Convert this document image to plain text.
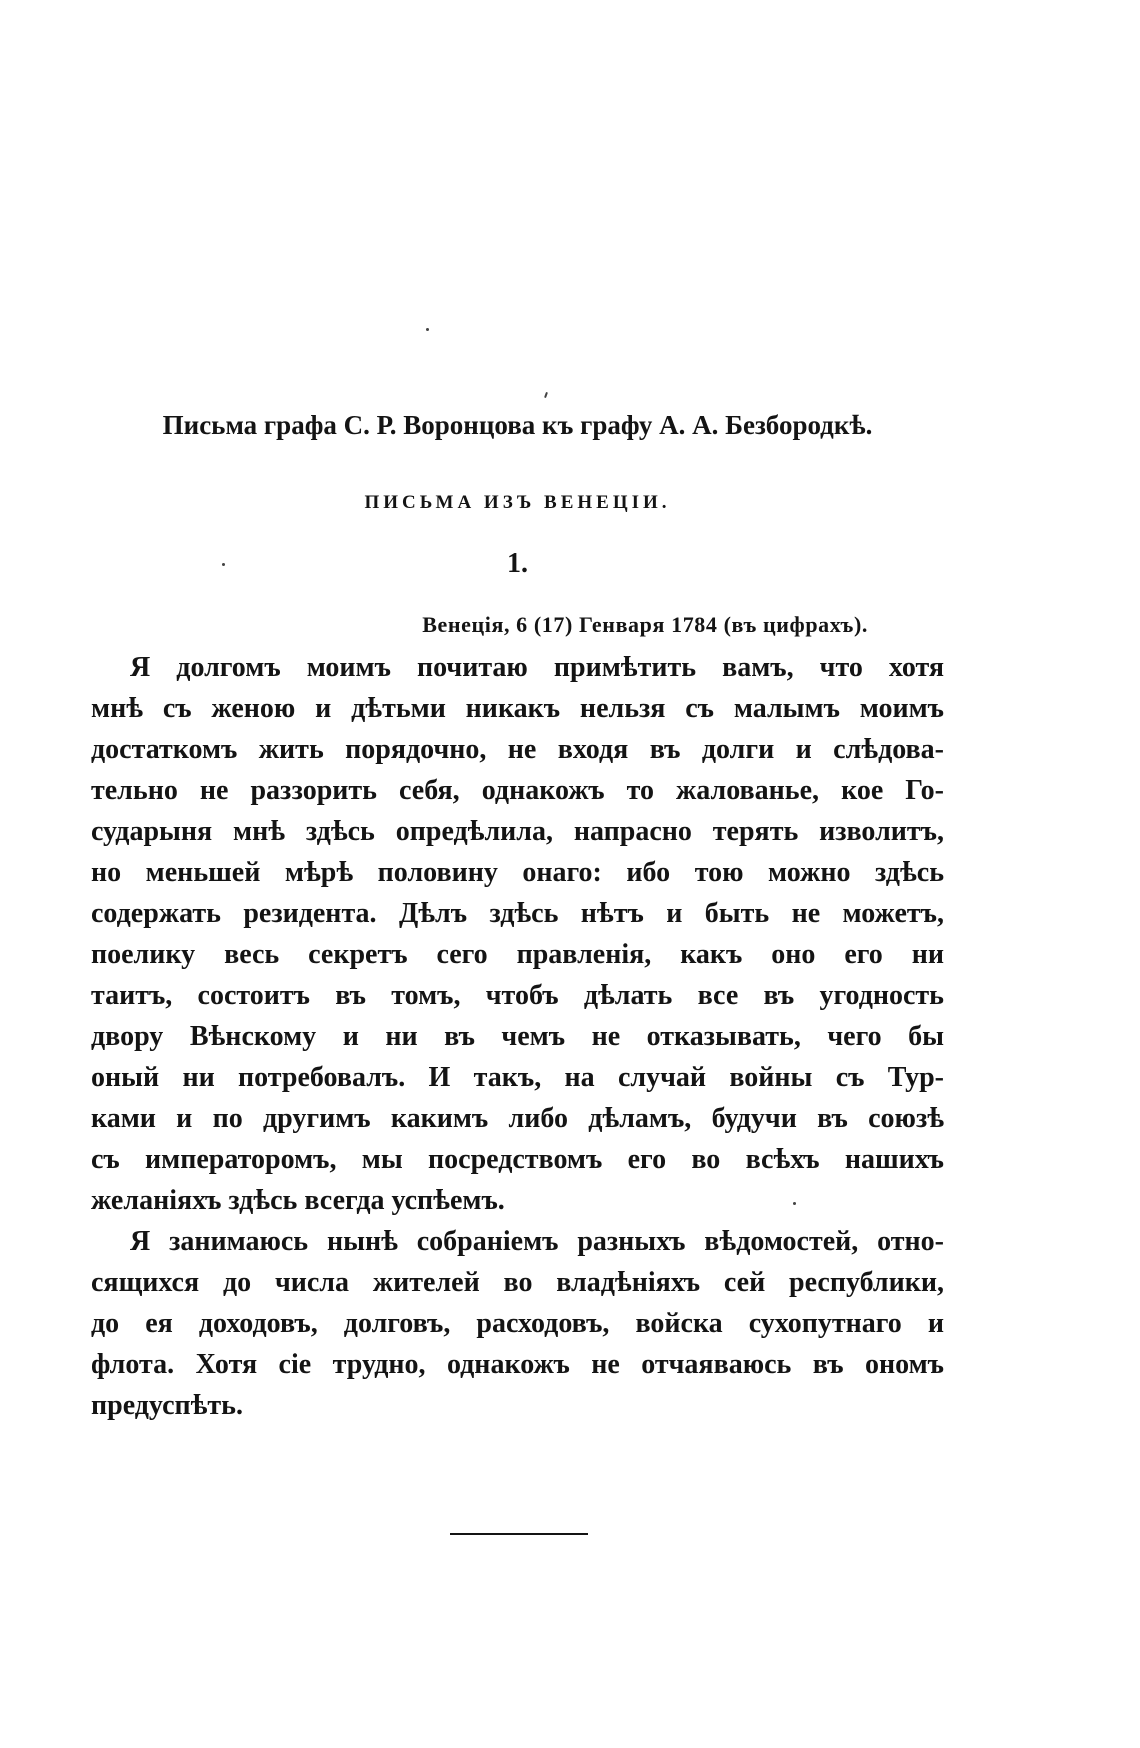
Письма графа С. Р. Воронцова къ графу А. А. Безбородкѣ.
ПИСЬМА ИЗЪ ВЕНЕЦІИ.
1.
Венеція, 6 (17) Генваря 1784 (въ цифрахъ).
Я долгомъ моимъ почитаю примѣтить вамъ, что хотя
мнѣ съ женою и дѣтьми никакъ нельзя съ малымъ моимъ
достаткомъ жить порядочно, не входя въ долги и слѣдова-
тельно не раззорить себя, однакожъ то жалованье, кое Го-
сударыня мнѣ здѣсь опредѣлила, напрасно терять изволитъ,
но меньшей мѣрѣ половину онаго: ибо тою можно здѣсь
содержать резидента. Дѣлъ здѣсь нѣтъ и быть не можетъ,
поелику весь секретъ сего правленія, какъ оно его ни
таитъ, состоитъ въ томъ, чтобъ дѣлать все въ угодность
двору Вѣнскому и ни въ чемъ не отказывать, чего бы
оный ни потребовалъ. И такъ, на случай войны съ Тур-
ками и по другимъ какимъ либо дѣламъ, будучи въ союзѣ
съ императоромъ, мы посредствомъ его во всѣхъ нашихъ
желаніяхъ здѣсь всегда успѣемъ.
Я занимаюсь нынѣ собраніемъ разныхъ вѣдомостей, отно-
сящихся до числа жителей во владѣніяхъ сей республики,
до ея доходовъ, долговъ, расходовъ, войска сухопутнаго и
флота. Хотя сіе трудно, однакожъ не отчаяваюсь въ ономъ
предуспѣть.
